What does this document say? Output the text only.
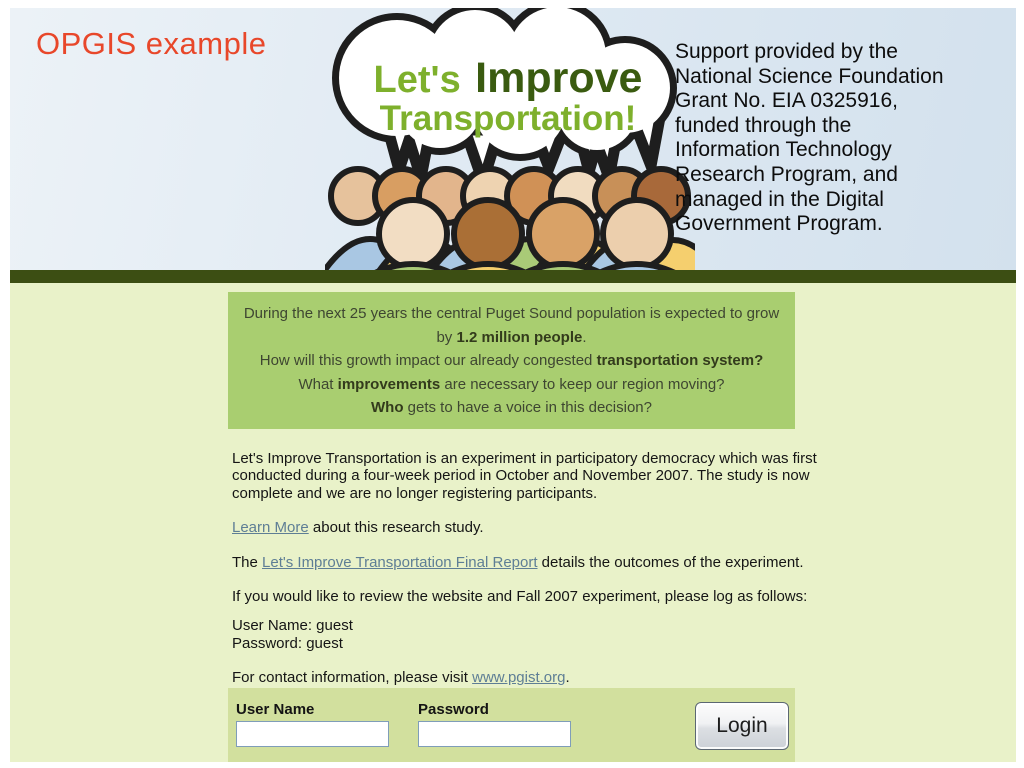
OPGIS example
Let's Improve
Transportation!
Support provided by the National Science Foundation Grant No. EIA 0325916, funded through the Information Technology Research Program, and managed in the Digital Government Program.

During the next 25 years the central Puget Sound population is expected to grow by 1.2 million people.

How will this growth impact our already congested transportation system?

What improvements are necessary to keep our region moving?

Who gets to have a voice in this decision?

Let's Improve Transportation is an experiment in participatory democracy which was first conducted during a four-week period in October and November 2007. The study is now complete and we are no longer registering participants.

Learn More about this research study.

The Let's Improve Transportation Final Report details the outcomes of the experiment.

If you would like to review the website and Fall 2007 experiment, please log as follows:

User Name: guest
Password: guest

For contact information, please visit www.pgist.org.

User Name	Password
Login
